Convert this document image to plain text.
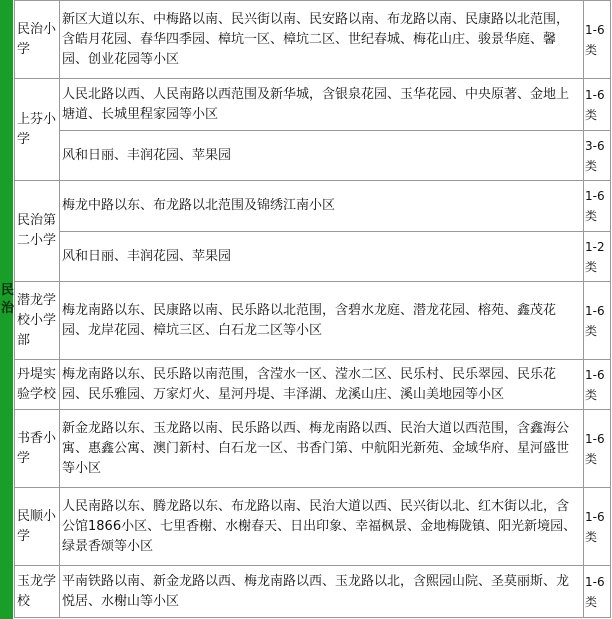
民治
民治小学	新区大道以东、中梅路以南、民兴街以南、民安路以南、布龙路以南、民康路以北范围，含皓月花园、春华四季园、樟坑一区、樟坑二区、世纪春城、梅花山庄、骏景华庭、馨园、创业花园等小区	1-6类
上芬小学	人民北路以西、人民南路以西范围及新华城，含银泉花园、玉华花园、中央原著、金地上塘道、长城里程家园等小区	1-6类
	风和日丽、丰润花园、苹果园	3-6类
民治第二小学	梅龙中路以东、布龙路以北范围及锦绣江南小区	1-6类
	风和日丽、丰润花园、苹果园	1-2类
潜龙学校小学部	梅龙南路以东、民康路以南、民乐路以北范围，含碧水龙庭、潜龙花园、榕苑、鑫茂花园、龙岸花园、樟坑三区、白石龙二区等小区	1-6类
丹堤实验学校	梅龙南路以东、民乐路以南范围，含滢水一区、滢水二区、民乐村、民乐翠园、民乐花园、民乐雅园、万家灯火、星河丹堤、丰泽湖、龙溪山庄、溪山美地园等小区	1-6类
书香小学	新金龙路以东、玉龙路以南、民乐路以西、梅龙南路以西、民治大道以西范围，含鑫海公寓、惠鑫公寓、澳门新村、白石龙一区、书香门第、中航阳光新苑、金域华府、星河盛世等小区	1-6类
民顺小学	人民南路以东、腾龙路以东、布龙路以南、民治大道以西、民兴街以北、红木街以北，含公馆1866小区、七里香榭、水榭春天、日出印象、幸福枫景、金地梅陇镇、阳光新境园、绿景香颂等小区	1-6类
玉龙学校	平南铁路以南、新金龙路以西、梅龙南路以西、玉龙路以北，含熙园山院、圣莫丽斯、龙悦居、水榭山等小区	1-6类
